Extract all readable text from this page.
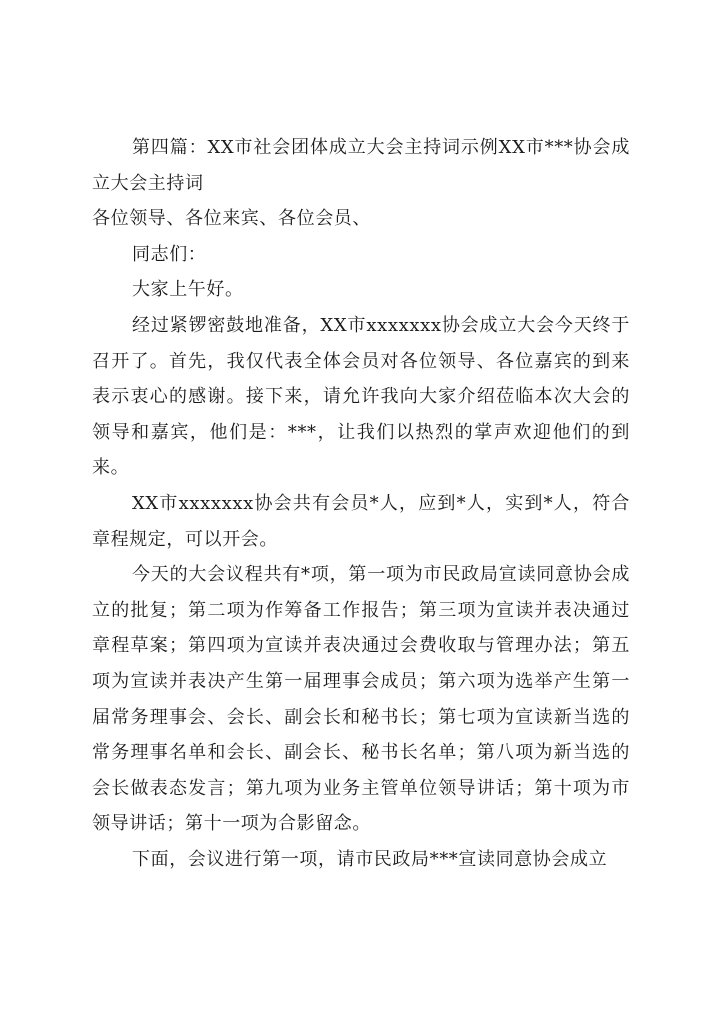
第四篇：XX市社会团体成立大会主持词示例XX市***协会成立大会主持词

各位领导、各位来宾、各位会员、

同志们：

大家上午好。

经过紧锣密鼓地准备，XX市xxxxxxx协会成立大会今天终于召开了。首先，我仅代表全体会员对各位领导、各位嘉宾的到来表示衷心的感谢。接下来，请允许我向大家介绍莅临本次大会的领导和嘉宾，他们是：***，让我们以热烈的掌声欢迎他们的到来。

XX市xxxxxxx协会共有会员*人，应到*人，实到*人，符合章程规定，可以开会。

今天的大会议程共有*项，第一项为市民政局宣读同意协会成立的批复；第二项为作筹备工作报告；第三项为宣读并表决通过章程草案；第四项为宣读并表决通过会费收取与管理办法；第五项为宣读并表决产生第一届理事会成员；第六项为选举产生第一届常务理事会、会长、副会长和秘书长；第七项为宣读新当选的常务理事名单和会长、副会长、秘书长名单；第八项为新当选的会长做表态发言；第九项为业务主管单位领导讲话；第十项为市领导讲话；第十一项为合影留念。

下面，会议进行第一项，请市民政局***宣读同意协会成立
